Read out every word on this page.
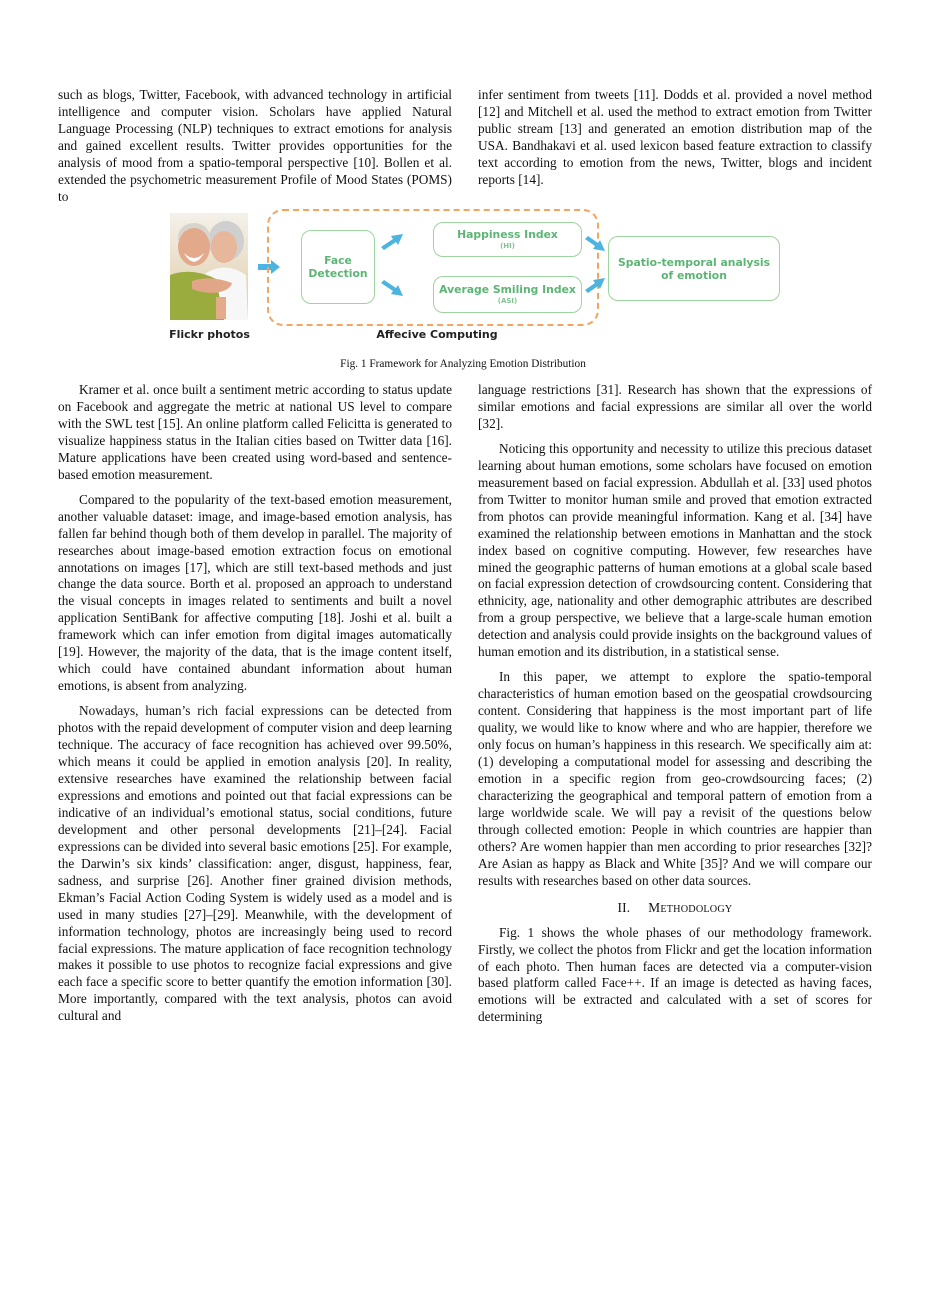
such as blogs, Twitter, Facebook, with advanced technology in artificial intelligence and computer vision. Scholars have applied Natural Language Processing (NLP) techniques to extract emotions for analysis and gained excellent results. Twitter provides opportunities for the analysis of mood from a spatio-temporal perspective [10]. Bollen et al. extended the psychometric measurement Profile of Mood States (POMS) to

infer sentiment from tweets [11]. Dodds et al. provided a novel method [12] and Mitchell et al. used the method to extract emotion from Twitter public stream [13] and generated an emotion distribution map of the USA. Bandhakavi et al. used lexicon based feature extraction to classify text according to emotion from the news, Twitter, blogs and incident reports [14].

Flickr photos	Affecive Computing
Face Detection
Happiness Index
(HI)
Average Smiling Index
(ASI)
Spatio-temporal analysis
of emotion
Fig. 1 Framework for Analyzing Emotion Distribution

Kramer et al. once built a sentiment metric according to status update on Facebook and aggregate the metric at national US level to compare with the SWL test [15]. An online platform called Felicitta is generated to visualize happiness status in the Italian cities based on Twitter data [16]. Mature applications have been created using word-based and sentence-based emotion measurement.

Compared to the popularity of the text-based emotion measurement, another valuable dataset: image, and image-based emotion analysis, has fallen far behind though both of them develop in parallel. The majority of researches about image-based emotion extraction focus on emotional annotations on images [17], which are still text-based methods and just change the data source. Borth et al. proposed an approach to understand the visual concepts in images related to sentiments and built a novel application SentiBank for affective computing [18]. Joshi et al. built a framework which can infer emotion from digital images automatically [19]. However, the majority of the data, that is the image content itself, which could have contained abundant information about human emotions, is absent from analyzing.

Nowadays, human’s rich facial expressions can be detected from photos with the repaid development of computer vision and deep learning technique. The accuracy of face recognition has achieved over 99.50%, which means it could be applied in emotion analysis [20]. In reality, extensive researches have examined the relationship between facial expressions and emotions and pointed out that facial expressions can be indicative of an individual’s emotional status, social conditions, future development and other personal developments [21]–[24]. Facial expressions can be divided into several basic emotions [25]. For example, the Darwin’s six kinds’ classification: anger, disgust, happiness, fear, sadness, and surprise [26]. Another finer grained division methods, Ekman’s Facial Action Coding System is widely used as a model and is used in many studies [27]–[29]. Meanwhile, with the development of information technology, photos are increasingly being used to record facial expressions. The mature application of face recognition technology makes it possible to use photos to recognize facial expressions and give each face a specific score to better quantify the emotion information [30]. More importantly, compared with the text analysis, photos can avoid cultural and

language restrictions [31]. Research has shown that the expressions of similar emotions and facial expressions are similar all over the world [32].

Noticing this opportunity and necessity to utilize this precious dataset learning about human emotions, some scholars have focused on emotion measurement based on facial expression. Abdullah et al. [33] used photos from Twitter to monitor human smile and proved that emotion extracted from photos can provide meaningful information. Kang et al. [34] have examined the relationship between emotions in Manhattan and the stock index based on cognitive computing. However, few researches have mined the geographic patterns of human emotions at a global scale based on facial expression detection of crowdsourcing content. Considering that ethnicity, age, nationality and other demographic attributes are described from a group perspective, we believe that a large-scale human emotion detection and analysis could provide insights on the background values of human emotion and its distribution, in a statistical sense.

In this paper, we attempt to explore the spatio-temporal characteristics of human emotion based on the geospatial crowdsourcing content. Considering that happiness is the most important part of life quality, we would like to know where and who are happier, therefore we only focus on human’s happiness in this research. We specifically aim at: (1) developing a computational model for assessing and describing the emotion in a specific region from geo-crowdsourcing faces; (2) characterizing the geographical and temporal pattern of emotion from a large worldwide scale. We will pay a revisit of the questions below through collected emotion: People in which countries are happier than others? Are women happier than men according to prior researches [32]? Are Asian as happy as Black and White [35]? And we will compare our results with researches based on other data sources.

II. METHODOLOGY

Fig. 1 shows the whole phases of our methodology framework. Firstly, we collect the photos from Flickr and get the location information of each photo. Then human faces are detected via a computer-vision based platform called Face++. If an image is detected as having faces, emotions will be extracted and calculated with a set of scores for determining
